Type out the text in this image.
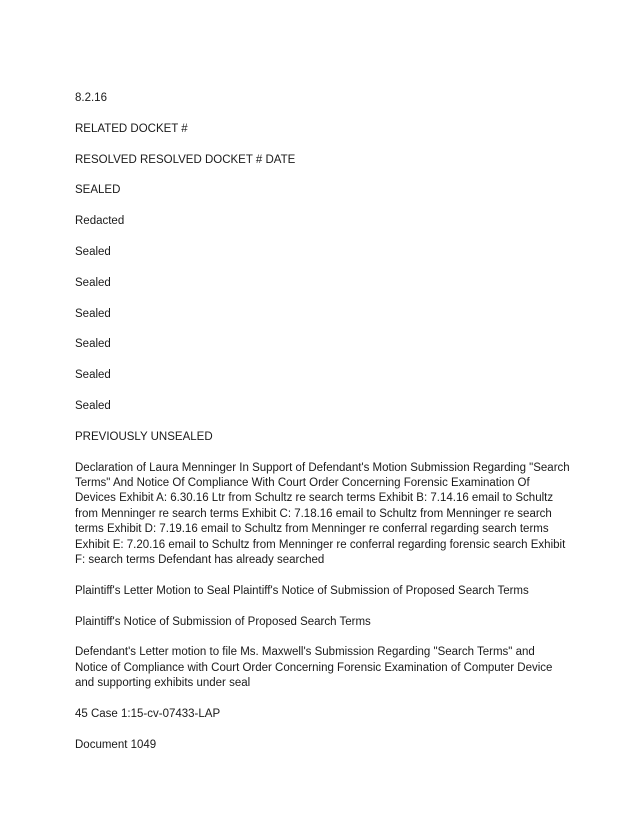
8.2.16

RELATED DOCKET #

RESOLVED RESOLVED DOCKET # DATE

SEALED

Redacted

Sealed

Sealed

Sealed

Sealed

Sealed

Sealed

PREVIOUSLY UNSEALED

Declaration of Laura Menninger In Support of Defendant's Motion Submission Regarding "Search Terms" And Notice Of Compliance With Court Order Concerning Forensic Examination Of Devices Exhibit A: 6.30.16 Ltr from Schultz re search terms Exhibit B: 7.14.16 email to Schultz from Menninger re search terms Exhibit C: 7.18.16 email to Schultz from Menninger re search terms Exhibit D: 7.19.16 email to Schultz from Menninger re conferral regarding search terms Exhibit E: 7.20.16 email to Schultz from Menninger re conferral regarding forensic search Exhibit F: search terms Defendant has already searched

Plaintiff's Letter Motion to Seal Plaintiff's Notice of Submission of Proposed Search Terms

Plaintiff's Notice of Submission of Proposed Search Terms

Defendant's Letter motion to file Ms. Maxwell's Submission Regarding "Search Terms" and Notice of Compliance with Court Order Concerning Forensic Examination of Computer Device and supporting exhibits under seal

45 Case 1:15-cv-07433-LAP

Document 1049
